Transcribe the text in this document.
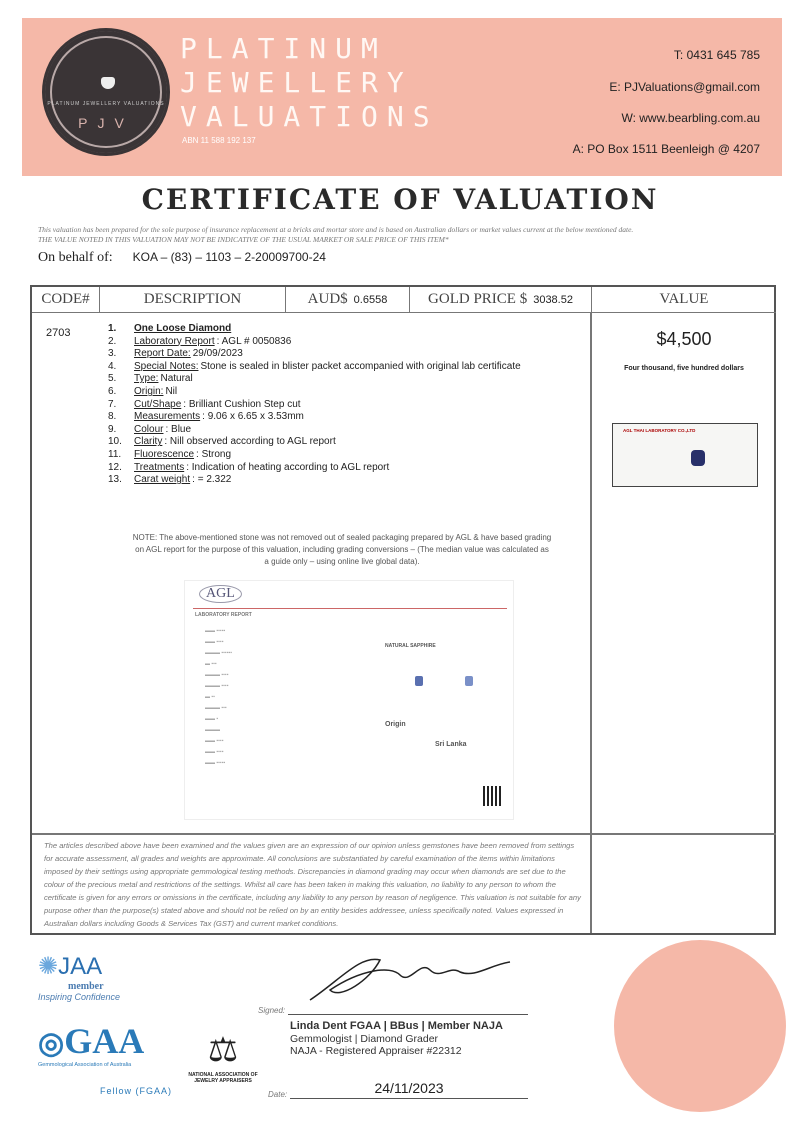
PLATINUM JEWELLERY VALUATIONS
PJV
PLATINUM
JEWELLERY
VALUATIONS
ABN 11 588 192 137
T: 0431 645 785
E: PJValuations@gmail.com
W: www.bearbling.com.au
A: PO Box 1511 Beenleigh @ 4207
CERTIFICATE OF VALUATION
This valuation has been prepared for the sole purpose of insurance replacement at a bricks and mortar store and is based on Australian dollars or market values current at the below mentioned date.
THE VALUE NOTED IN THIS VALUATION MAY NOT BE INDICATIVE OF THE USUAL MARKET OR SALE PRICE OF THIS ITEM*
On behalf of: KOA – (83) – 1103 – 2-20009700-24
CODE#	DESCRIPTION	AUD$ 0.6558	GOLD PRICE $ 3038.52	VALUE
2703	1.	One Loose Diamond
2.	Laboratory Report : AGL # 0050836
3.	Report Date: 29/09/2023
4.	Special Notes: Stone is sealed in blister packet accompanied with original lab certificate
5.	Type: Natural
6.	Origin: Nil
7.	Cut/Shape : Brilliant Cushion Step cut
8.	Measurements : 9.06 x 6.65 x 3.53mm
9.	Colour : Blue
10.	Clarity : Nill observed according to AGL report
11.	Fluorescence : Strong
12.	Treatments : Indication of heating according to AGL report
13.	Carat weight : = 2.322
NOTE: The above-mentioned stone was not removed out of sealed packaging prepared by AGL & have based grading on AGL report for the purpose of this valuation, including grading conversions – (The median value was calculated as a guide only – using online live global data).
AGL
LABORATORY REPORT
▬▬ ▪▪▪▪▪
▬▬ ▪▪▪▪
▬▬▬ ▪▪▪▪▪▪
▬ ▪▪▪
▬▬▬ ▪▪▪▪
▬▬▬ ▪▪▪▪
▬ ▪▪
▬▬▬ ▪▪▪
▬▬ ▪
▬▬▬
▬▬ ▪▪▪▪
▬▬ ▪▪▪▪
▬▬ ▪▪▪▪▪
NATURAL SAPPHIRE
Origin
Sri Lanka
$4,500
Four thousand, five hundred dollars
AGL THAI LABORATORY CO.,LTD
The articles described above have been examined and the values given are an expression of our opinion unless gemstones have been removed from settings for accurate assessment, all grades and weights are approximate. All conclusions are substantiated by careful examination of the items within limitations imposed by their settings using appropriate gemmological testing methods. Discrepancies in diamond grading may occur when diamonds are set due to the colour of the precious metal and restrictions of the settings. Whilst all care has been taken in making this valuation, no liability to any person to whom the certificate is given for any errors or omissions in the certificate, including any liability to any person by reason of negligence. This valuation is not suitable for any purpose other than the purpose(s) stated above and should not be relied on by an entity besides addressee, unless specifically noted. Values expressed in Australian dollars including Goods & Services Tax (GST) and current market conditions.
✺JAA
member
Inspiring Confidence
◎GAA
Gemmological Association of Australia
Fellow (FGAA)
⚖
NATIONAL ASSOCIATION OF JEWELRY APPRAISERS
Signed:
Linda Dent FGAA | BBus | Member NAJA
Gemmologist | Diamond Grader
NAJA - Registered Appraiser #22312
Date:	24/11/2023
